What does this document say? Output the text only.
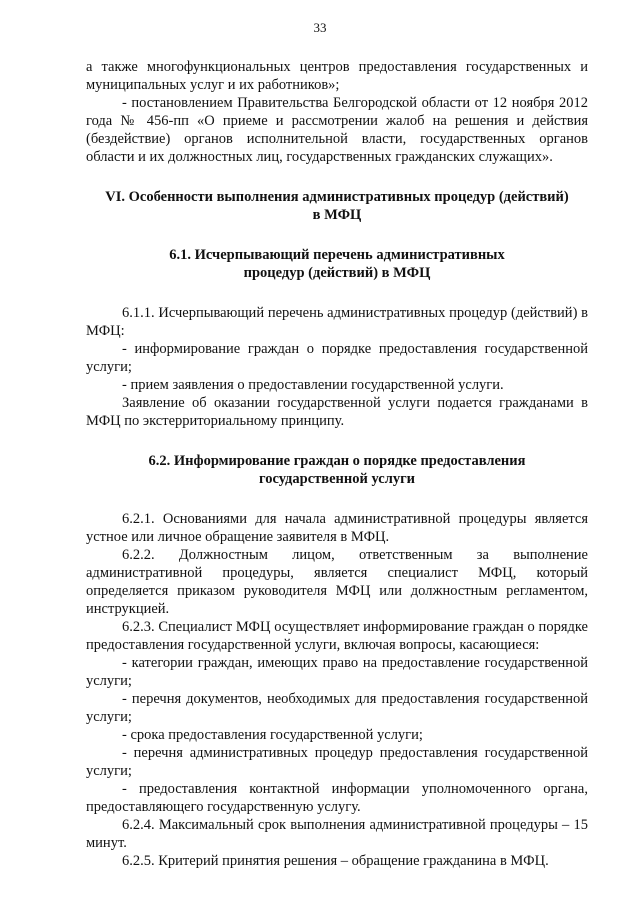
33

а также многофункциональных центров предоставления государственных и муниципальных услуг и их работников»;

- постановлением Правительства Белгородской области от 12 ноября 2012 года № 456-пп «О приеме и рассмотрении жалоб на решения и действия (бездействие) органов исполнительной власти, государственных органов области и их должностных лиц, государственных гражданских служащих».

VI. Особенности выполнения административных процедур (действий)
в МФЦ
6.1. Исчерпывающий перечень административных
процедур (действий) в МФЦ

6.1.1. Исчерпывающий перечень административных процедур (действий) в МФЦ:

- информирование граждан о порядке предоставления государственной услуги;

- прием заявления о предоставлении государственной услуги.

Заявление об оказании государственной услуги подается гражданами в МФЦ по экстерриториальному принципу.

6.2. Информирование граждан о порядке предоставления
государственной услуги

6.2.1. Основаниями для начала административной процедуры является устное или личное обращение заявителя в МФЦ.

6.2.2. Должностным лицом, ответственным за выполнение административной процедуры, является специалист МФЦ, который определяется приказом руководителя МФЦ или должностным регламентом, инструкцией.

6.2.3. Специалист МФЦ осуществляет информирование граждан о порядке предоставления государственной услуги, включая вопросы, касающиеся:

- категории граждан, имеющих право на предоставление государственной услуги;

- перечня документов, необходимых для предоставления государственной услуги;

- срока предоставления государственной услуги;

- перечня административных процедур предоставления государственной услуги;

- предоставления контактной информации уполномоченного органа, предоставляющего государственную услугу.

6.2.4. Максимальный срок выполнения административной процедуры – 15 минут.

6.2.5. Критерий принятия решения – обращение гражданина в МФЦ.
